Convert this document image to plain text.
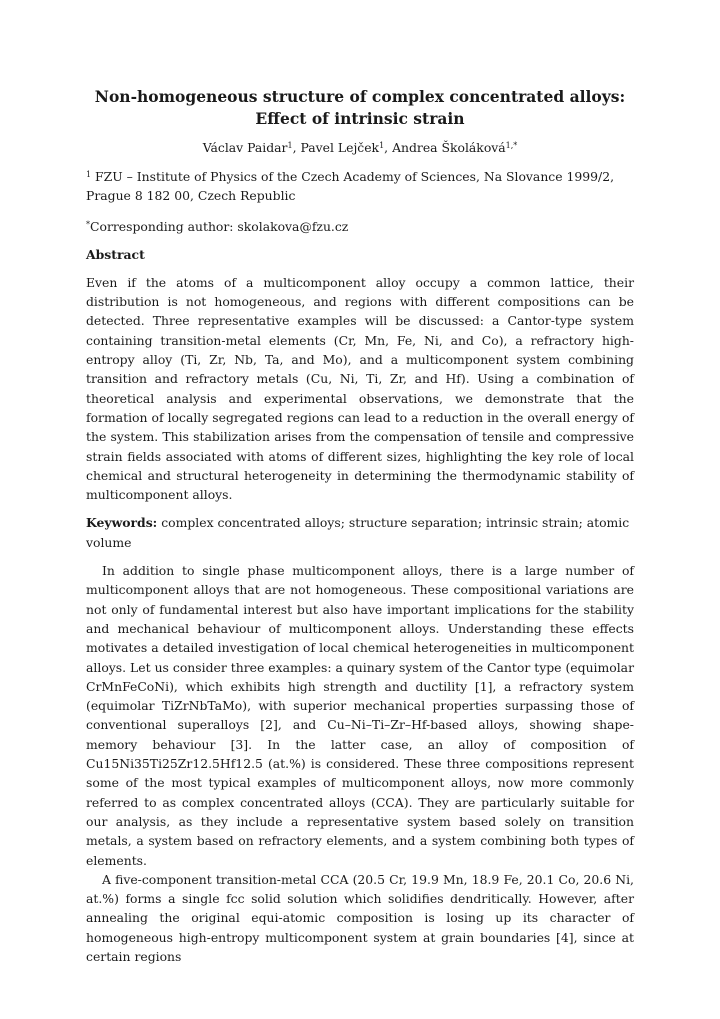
Non-homogeneous structure of complex concentrated alloys: Effect of intrinsic strain
Václav Paidar$^1$, Pavel Lejček$^1$, Andrea Školáková$^{1,*}$

$^1$ FZU – Institute of Physics of the Czech Academy of Sciences, Na Slovance 1999/2, Prague 8 182 00, Czech Republic

*Corresponding author: skolakova@fzu.cz

Abstract

Even if the atoms of a multicomponent alloy occupy a common lattice, their distribution is not homogeneous, and regions with different compositions can be detected. Three representative examples will be discussed: a Cantor-type system containing transition-metal elements (Cr, Mn, Fe, Ni, and Co), a refractory high-entropy alloy (Ti, Zr, Nb, Ta, and Mo), and a multicomponent system combining transition and refractory metals (Cu, Ni, Ti, Zr, and Hf). Using a combination of theoretical analysis and experimental observations, we demonstrate that the formation of locally segregated regions can lead to a reduction in the overall energy of the system. This stabilization arises from the compensation of tensile and compressive strain fields associated with atoms of different sizes, highlighting the key role of local chemical and structural heterogeneity in determining the thermodynamic stability of multicomponent alloys.

Keywords: complex concentrated alloys; structure separation; intrinsic strain; atomic volume

In addition to single phase multicomponent alloys, there is a large number of multicomponent alloys that are not homogeneous. These compositional variations are not only of fundamental interest but also have important implications for the stability and mechanical behaviour of multicomponent alloys. Understanding these effects motivates a detailed investigation of local chemical heterogeneities in multicomponent alloys. Let us consider three examples: a quinary system of the Cantor type (equimolar CrMnFeCoNi), which exhibits high strength and ductility [1], a refractory system (equimolar TiZrNbTaMo), with superior mechanical properties surpassing those of conventional superalloys [2], and Cu–Ni–Ti–Zr–Hf-based alloys, showing shape-memory behaviour [3]. In the latter case, an alloy of composition of Cu15Ni35Ti25Zr12.5Hf12.5 (at.%) is considered. These three compositions represent some of the most typical examples of multicomponent alloys, now more commonly referred to as complex concentrated alloys (CCA). They are particularly suitable for our analysis, as they include a representative system based solely on transition metals, a system based on refractory elements, and a system combining both types of elements.

A five-component transition-metal CCA (20.5 Cr, 19.9 Mn, 18.9 Fe, 20.1 Co, 20.6 Ni, at.%) forms a single fcc solid solution which solidifies dendritically. However, after annealing the original equi-atomic composition is losing up its character of homogeneous high-entropy multicomponent system at grain boundaries [4], since at certain regions
